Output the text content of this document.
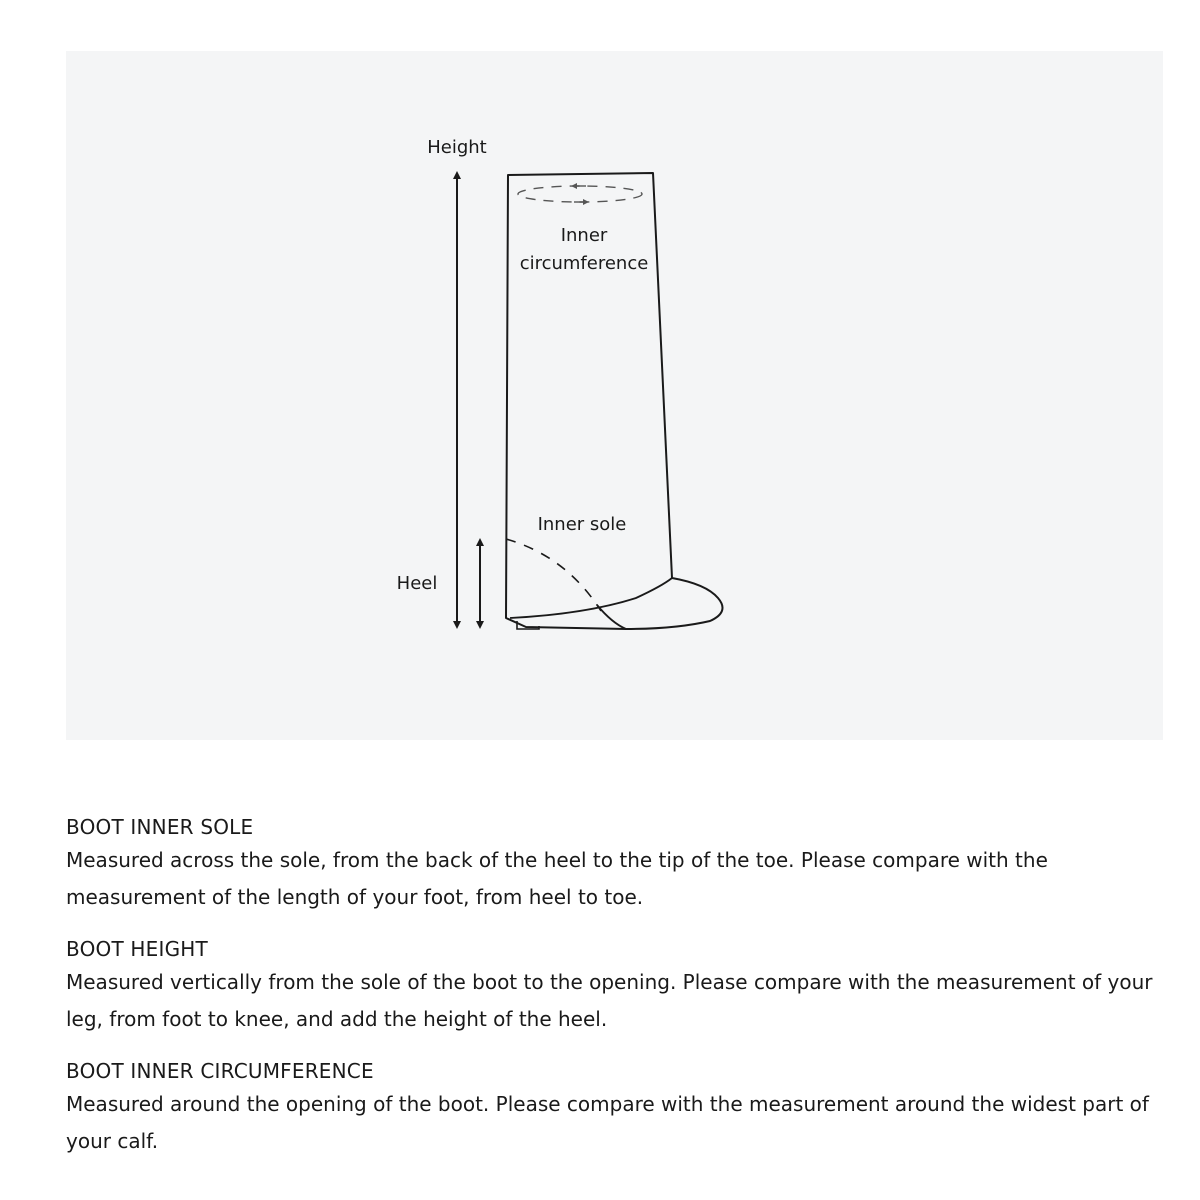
Height
Heel
Inner
circumference
Inner sole
BOOT INNER SOLE

Measured across the sole, from the back of the heel to the tip of the toe. Please compare with the measurement of the length of your foot, from heel to toe.

BOOT HEIGHT

Measured vertically from the sole of the boot to the opening. Please compare with the measurement of your leg, from foot to knee, and add the height of the heel.

BOOT INNER CIRCUMFERENCE

Measured around the opening of the boot. Please compare with the measurement around the widest part of your calf.
